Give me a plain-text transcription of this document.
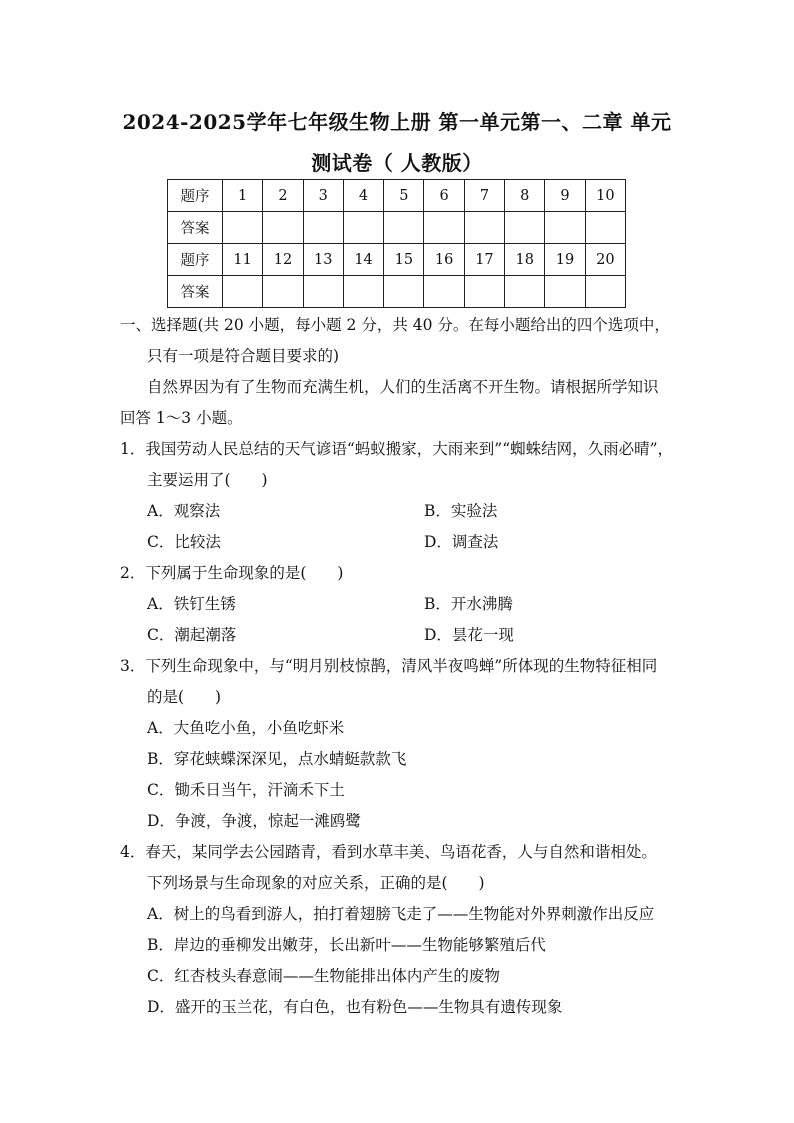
2024-2025学年七年级生物上册 第一单元第一、二章 单元
测试卷（ 人教版）
题序	1	2	3	4	5	6	7	8	9	10
答案										
题序	11	12	13	14	15	16	17	18	19	20
答案										
一、选择题(共 20 小题，每小题 2 分，共 40 分。在每小题给出的四个选项中，
只有一项是符合题目要求的)
自然界因为有了生物而充满生机，人们的生活离不开生物。请根据所学知识
回答 1～3 小题。
1．我国劳动人民总结的天气谚语“蚂蚁搬家，大雨来到”“蜘蛛结网，久雨必晴”，
主要运用了(　　)
A．观察法	B．实验法
C．比较法	D．调查法
2．下列属于生命现象的是(　　)
A．铁钉生锈	B．开水沸腾
C．潮起潮落	D．昙花一现
3．下列生命现象中，与“明月别枝惊鹊，清风半夜鸣蝉”所体现的生物特征相同
的是(　　)
A．大鱼吃小鱼，小鱼吃虾米
B．穿花蛱蝶深深见，点水蜻蜓款款飞
C．锄禾日当午，汗滴禾下土
D．争渡，争渡，惊起一滩鸥鹭
4．春天，某同学去公园踏青，看到水草丰美、鸟语花香，人与自然和谐相处。
下列场景与生命现象的对应关系，正确的是(　　)
A．树上的鸟看到游人，拍打着翅膀飞走了——生物能对外界刺激作出反应
B．岸边的垂柳发出嫩芽，长出新叶——生物能够繁殖后代
C．红杏枝头春意闹——生物能排出体内产生的废物
D．盛开的玉兰花，有白色，也有粉色——生物具有遗传现象
